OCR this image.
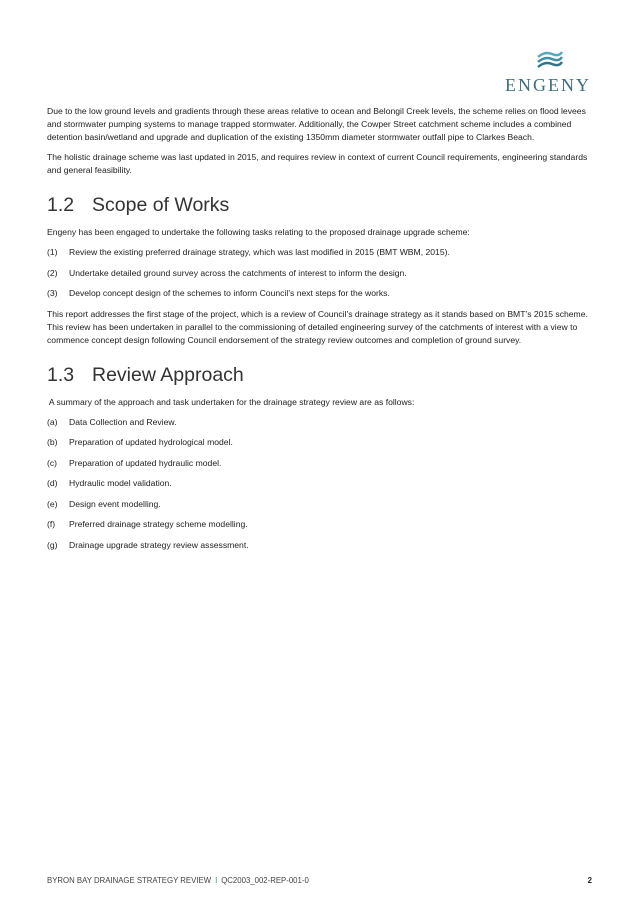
ENGENY

Due to the low ground levels and gradients through these areas relative to ocean and Belongil Creek levels, the scheme relies on flood levees and stormwater pumping systems to manage trapped stormwater. Additionally, the Cowper Street catchment scheme includes a combined detention basin/wetland and upgrade and duplication of the existing 1350mm diameter stormwater outfall pipe to Clarkes Beach.

The holistic drainage scheme was last updated in 2015, and requires review in context of current Council requirements, engineering standards and general feasibility.

1.2 Scope of Works

Engeny has been engaged to undertake the following tasks relating to the proposed drainage upgrade scheme:

(1)	Review the existing preferred drainage strategy, which was last modified in 2015 (BMT WBM, 2015).
(2)	Undertake detailed ground survey across the catchments of interest to inform the design.
(3)	Develop concept design of the schemes to inform Council’s next steps for the works.

This report addresses the first stage of the project, which is a review of Council’s drainage strategy as it stands based on BMT’s 2015 scheme. This review has been undertaken in parallel to the commissioning of detailed engineering survey of the catchments of interest with a view to commence concept design following Council endorsement of the strategy review outcomes and completion of ground survey.

1.3 Review Approach

A summary of the approach and task undertaken for the drainage strategy review are as follows:

(a)	Data Collection and Review.
(b)	Preparation of updated hydrological model.
(c)	Preparation of updated hydraulic model.
(d)	Hydraulic model validation.
(e)	Design event modelling.
(f)	Preferred drainage strategy scheme modelling.
(g)	Drainage upgrade strategy review assessment.
BYRON BAY DRAINAGE STRATEGY REVIEW I QC2003_002-REP-001-0	2
